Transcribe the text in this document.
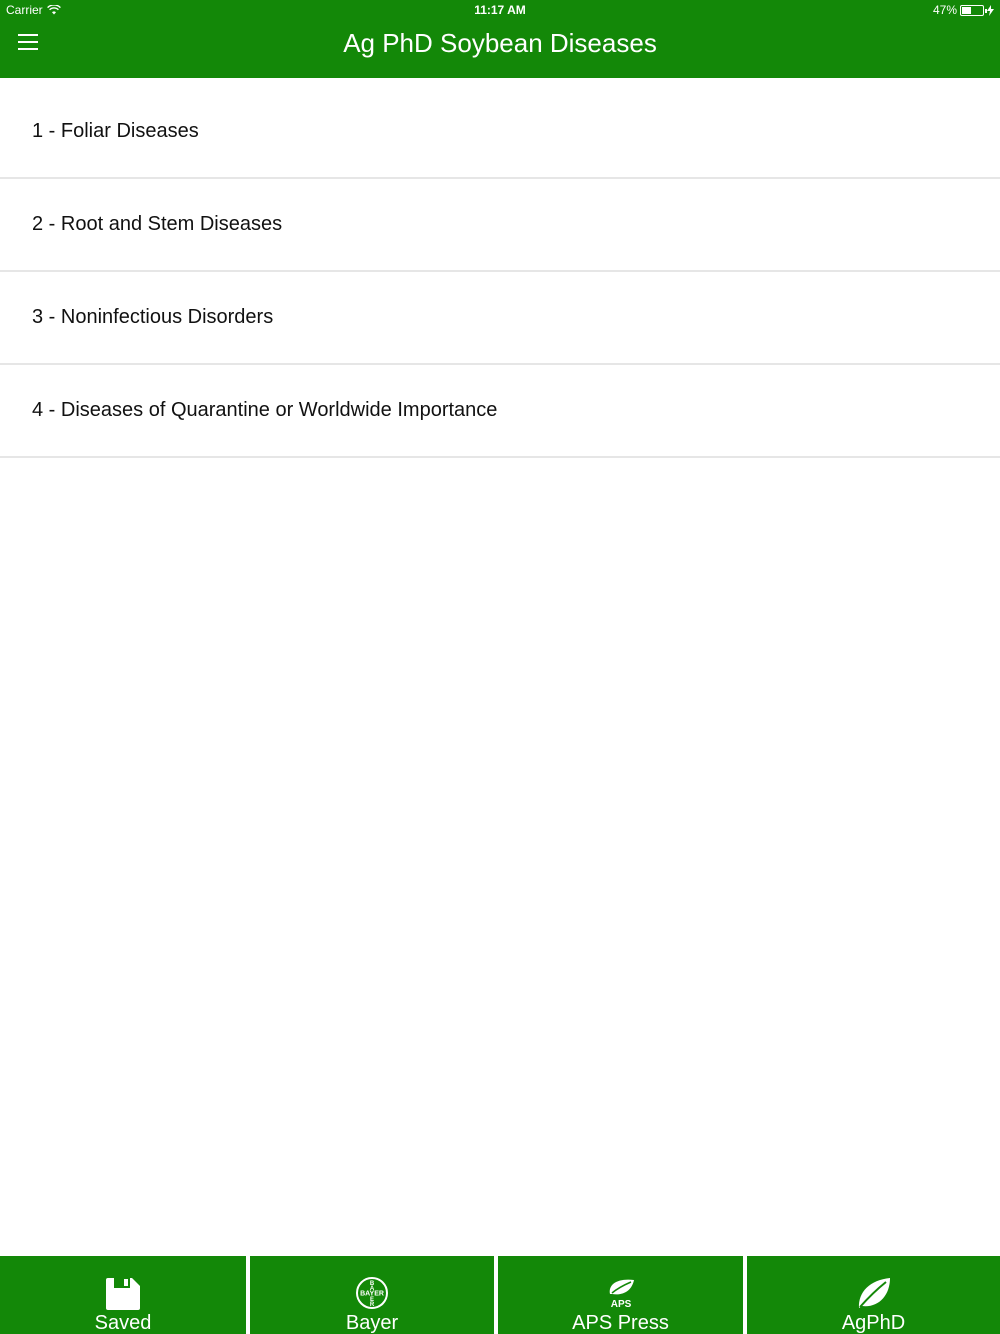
Carrier	11:17 AM	47%
Ag PhD Soybean Diseases
1 - Foliar Diseases
2 - Root and Stem Diseases
3 - Noninfectious Disorders
4 - Diseases of Quarantine or Worldwide Importance
Saved
BAYER
B
A
E
R
Bayer
APS
APS Press	AgPhD
